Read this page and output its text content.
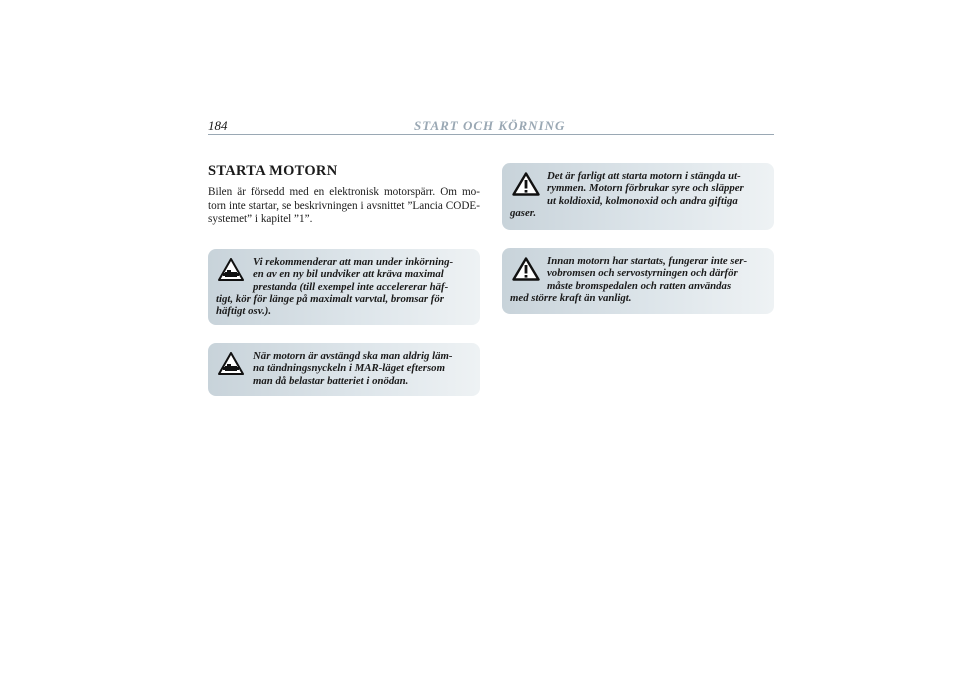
184	START OCH KÖRNING
STARTA MOTORN
Bilen är försedd med en elektronisk motorspärr. Om mo-torn inte startar, se beskrivningen i avsnittet ”Lancia CODE-systemet” i kapitel ”1”.
Vi rekommenderar att man under inkörning-
en av en ny bil undviker att kräva maximal
prestanda (till exempel inte accelererar häf-
tigt, kör för länge på maximalt varvtal, bromsar för
häftigt osv.).
När motorn är avstängd ska man aldrig läm-
na tändningsnyckeln i MAR-läget eftersom
man då belastar batteriet i onödan.
Det är farligt att starta motorn i stängda ut-
rymmen. Motorn förbrukar syre och släpper
ut koldioxid, kolmonoxid och andra giftiga
gaser.
Innan motorn har startats, fungerar inte ser-
vobromsen och servostyrningen och därför
måste bromspedalen och ratten användas
med större kraft än vanligt.
